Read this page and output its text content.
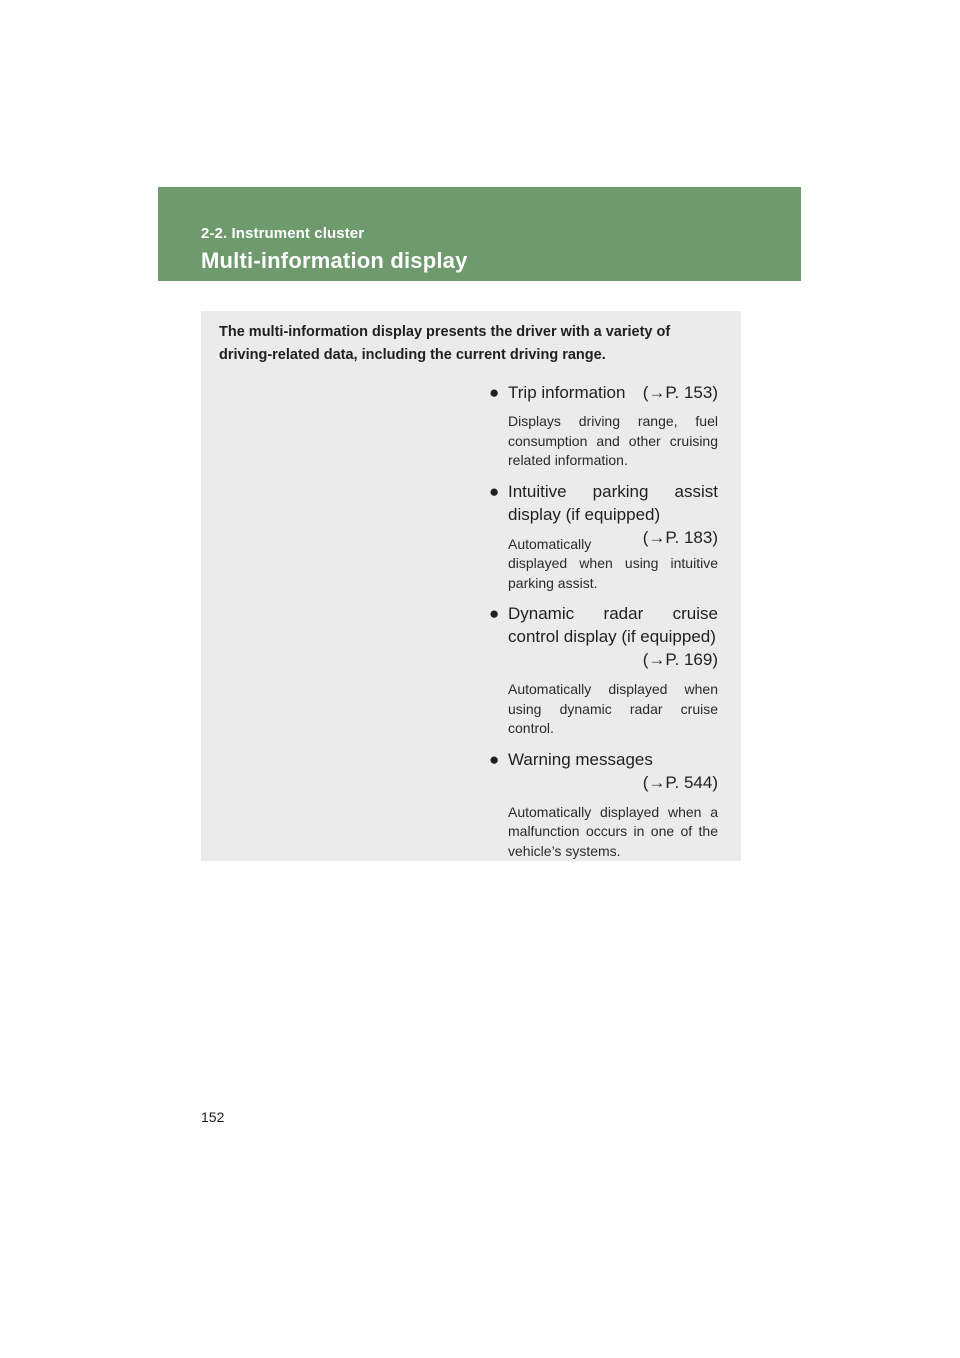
2-2. Instrument cluster
Multi-information display
The multi-information display presents the driver with a variety of driving-related data, including the current driving range.
● Trip information (→P. 153)
Displays driving range, fuel consumption and other cruising related information.
● Intuitive parking assist display (if equipped)
(→P. 183)
Automatically displayed when using intuitive parking assist.
● Dynamic radar cruise control display (if equipped)
(→P. 169)
Automatically displayed when using dynamic radar cruise control.
● Warning messages
(→P. 544)
Automatically displayed when a malfunction occurs in one of the vehicle’s systems.
152
